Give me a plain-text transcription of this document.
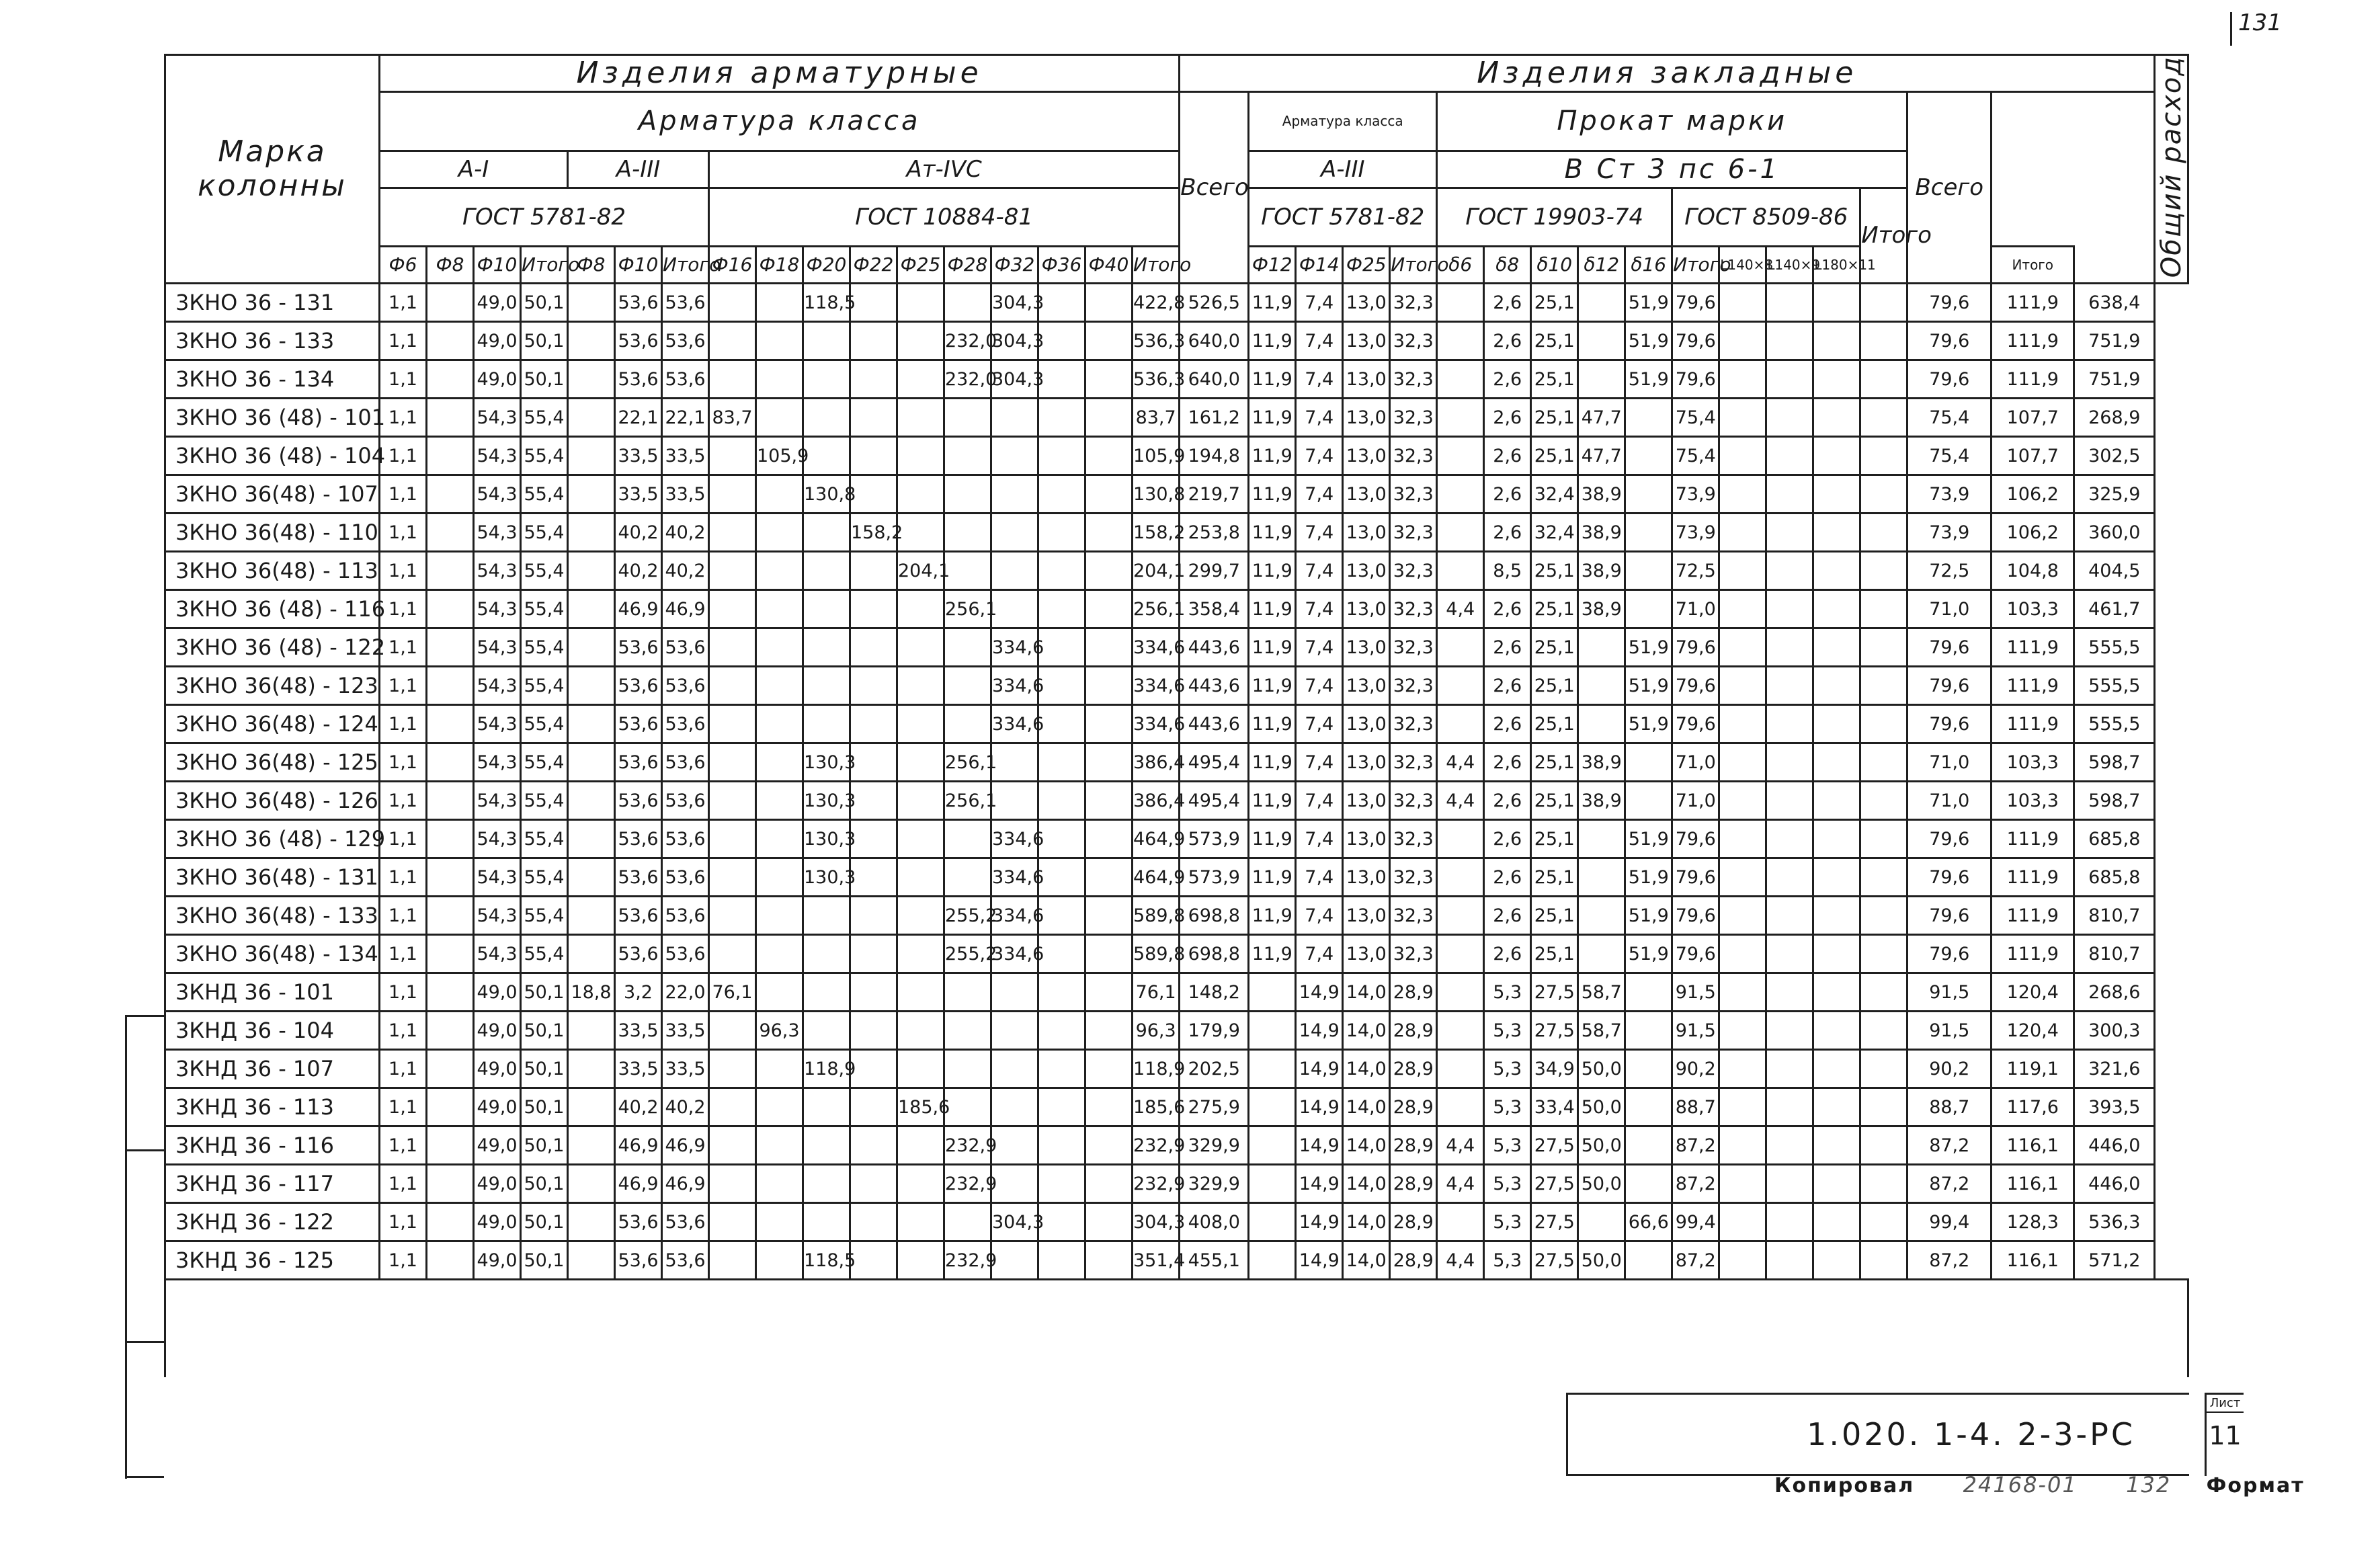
Марка колонны	Изделия арматурные																	Изделия закладные																		Общий расход
	Арматура класса																	Всего	Арматура класса				Прокат марки										Всего			
	А-I				А-III			Ат-IVС											А-III				В Ст 3 пс 6-1													
	ГОСТ 5781-82							ГОСТ 10884-81											ГОСТ 5781-82				ГОСТ 19903-74					ГОСТ 8509-86				Итого				
	Ф6	Ф8	Ф10	Итого	Ф8	Ф10	Итого	Ф16	Ф18	Ф20	Ф22	Ф25	Ф28	Ф32	Ф36	Ф40	Итого		Ф12	Ф14	Ф25	Итого	δ6	δ8	δ10	δ12	δ16	Итого	L140×8	L140×9	L180×11			Итого		
3КНО 36 - 131	1,1		49,0	50,1		53,6	53,6			118,5				304,3			422,8	526,5	11,9	7,4	13,0	32,3		2,6	25,1		51,9	79,6					79,6	111,9	638,4	
3КНО 36 - 133	1,1		49,0	50,1		53,6	53,6						232,0	304,3			536,3	640,0	11,9	7,4	13,0	32,3		2,6	25,1		51,9	79,6					79,6	111,9	751,9	
3КНО 36 - 134	1,1		49,0	50,1		53,6	53,6						232,0	304,3			536,3	640,0	11,9	7,4	13,0	32,3		2,6	25,1		51,9	79,6					79,6	111,9	751,9	
3КНО 36 (48) - 101	1,1		54,3	55,4		22,1	22,1	83,7									83,7	161,2	11,9	7,4	13,0	32,3		2,6	25,1	47,7		75,4					75,4	107,7	268,9	
3КНО 36 (48) - 104	1,1		54,3	55,4		33,5	33,5		105,9								105,9	194,8	11,9	7,4	13,0	32,3		2,6	25,1	47,7		75,4					75,4	107,7	302,5	
3КНО 36(48) - 107	1,1		54,3	55,4		33,5	33,5			130,8							130,8	219,7	11,9	7,4	13,0	32,3		2,6	32,4	38,9		73,9					73,9	106,2	325,9	
3КНО 36(48) - 110	1,1		54,3	55,4		40,2	40,2				158,2						158,2	253,8	11,9	7,4	13,0	32,3		2,6	32,4	38,9		73,9					73,9	106,2	360,0	
3КНО 36(48) - 113	1,1		54,3	55,4		40,2	40,2					204,1					204,1	299,7	11,9	7,4	13,0	32,3		8,5	25,1	38,9		72,5					72,5	104,8	404,5	
3КНО 36 (48) - 116	1,1		54,3	55,4		46,9	46,9						256,1				256,1	358,4	11,9	7,4	13,0	32,3	4,4	2,6	25,1	38,9		71,0					71,0	103,3	461,7	
3КНО 36 (48) - 122	1,1		54,3	55,4		53,6	53,6							334,6			334,6	443,6	11,9	7,4	13,0	32,3		2,6	25,1		51,9	79,6					79,6	111,9	555,5	
3КНО 36(48) - 123	1,1		54,3	55,4		53,6	53,6							334,6			334,6	443,6	11,9	7,4	13,0	32,3		2,6	25,1		51,9	79,6					79,6	111,9	555,5	
3КНО 36(48) - 124	1,1		54,3	55,4		53,6	53,6							334,6			334,6	443,6	11,9	7,4	13,0	32,3		2,6	25,1		51,9	79,6					79,6	111,9	555,5	
3КНО 36(48) - 125	1,1		54,3	55,4		53,6	53,6			130,3			256,1				386,4	495,4	11,9	7,4	13,0	32,3	4,4	2,6	25,1	38,9		71,0					71,0	103,3	598,7	
3КНО 36(48) - 126	1,1		54,3	55,4		53,6	53,6			130,3			256,1				386,4	495,4	11,9	7,4	13,0	32,3	4,4	2,6	25,1	38,9		71,0					71,0	103,3	598,7	
3КНО 36 (48) - 129	1,1		54,3	55,4		53,6	53,6			130,3				334,6			464,9	573,9	11,9	7,4	13,0	32,3		2,6	25,1		51,9	79,6					79,6	111,9	685,8	
3КНО 36(48) - 131	1,1		54,3	55,4		53,6	53,6			130,3				334,6			464,9	573,9	11,9	7,4	13,0	32,3		2,6	25,1		51,9	79,6					79,6	111,9	685,8	
3КНО 36(48) - 133	1,1		54,3	55,4		53,6	53,6						255,2	334,6			589,8	698,8	11,9	7,4	13,0	32,3		2,6	25,1		51,9	79,6					79,6	111,9	810,7	
3КНО 36(48) - 134	1,1		54,3	55,4		53,6	53,6						255,2	334,6			589,8	698,8	11,9	7,4	13,0	32,3		2,6	25,1		51,9	79,6					79,6	111,9	810,7	
3КНД 36 - 101	1,1		49,0	50,1	18,8	3,2	22,0	76,1									76,1	148,2		14,9	14,0	28,9		5,3	27,5	58,7		91,5					91,5	120,4	268,6	
3КНД 36 - 104	1,1		49,0	50,1		33,5	33,5		96,3								96,3	179,9		14,9	14,0	28,9		5,3	27,5	58,7		91,5					91,5	120,4	300,3	
3КНД 36 - 107	1,1		49,0	50,1		33,5	33,5			118,9							118,9	202,5		14,9	14,0	28,9		5,3	34,9	50,0		90,2					90,2	119,1	321,6	
3КНД 36 - 113	1,1		49,0	50,1		40,2	40,2					185,6					185,6	275,9		14,9	14,0	28,9		5,3	33,4	50,0		88,7					88,7	117,6	393,5	
3КНД 36 - 116	1,1		49,0	50,1		46,9	46,9						232,9				232,9	329,9		14,9	14,0	28,9	4,4	5,3	27,5	50,0		87,2					87,2	116,1	446,0	
3КНД 36 - 117	1,1		49,0	50,1		46,9	46,9						232,9				232,9	329,9		14,9	14,0	28,9	4,4	5,3	27,5	50,0		87,2					87,2	116,1	446,0	
3КНД 36 - 122	1,1		49,0	50,1		53,6	53,6							304,3			304,3	408,0		14,9	14,0	28,9		5,3	27,5		66,6	99,4					99,4	128,3	536,3	
3КНД 36 - 125	1,1		49,0	50,1		53,6	53,6			118,5			232,9				351,4	455,1		14,9	14,0	28,9	4,4	5,3	27,5	50,0		87,2					87,2	116,1	571,2	

131
1.020. 1-4. 2-3-РС
Лист
11
Копировал 24168-01 132 Формат
